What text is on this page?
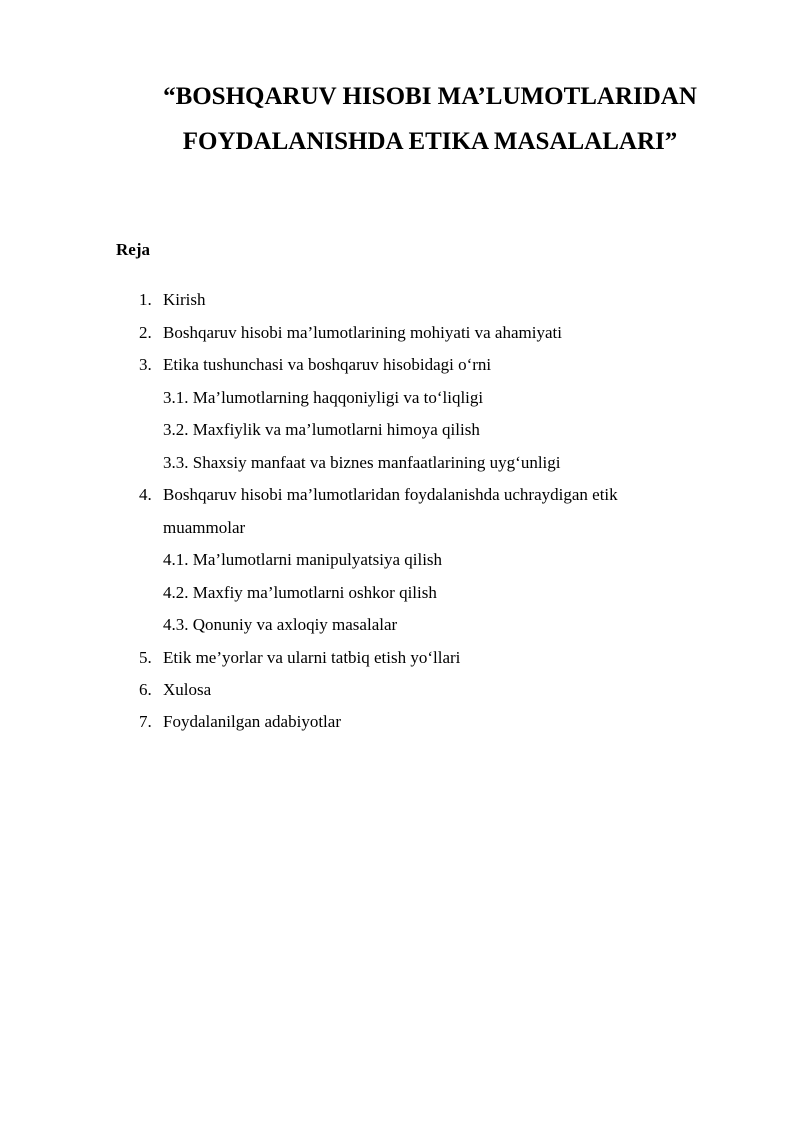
“BOSHQARUV HISOBI MA’LUMOTLARIDAN
FOYDALANISHDA ETIKA MASALALARI”
Reja
1. Kirish
2. Boshqaruv hisobi ma’lumotlarining mohiyati va ahamiyati
3. Etika tushunchasi va boshqaruv hisobidagi o‘rni
3.1. Ma’lumotlarning haqqoniyligi va to‘liqligi
3.2. Maxfiylik va ma’lumotlarni himoya qilish
3.3. Shaxsiy manfaat va biznes manfaatlarining uyg‘unligi
4. Boshqaruv hisobi ma’lumotlaridan foydalanishda uchraydigan etik
muammolar
4.1. Ma’lumotlarni manipulyatsiya qilish
4.2. Maxfiy ma’lumotlarni oshkor qilish
4.3. Qonuniy va axloqiy masalalar
5. Etik me’yorlar va ularni tatbiq etish yo‘llari
6. Xulosa
7. Foydalanilgan adabiyotlar
